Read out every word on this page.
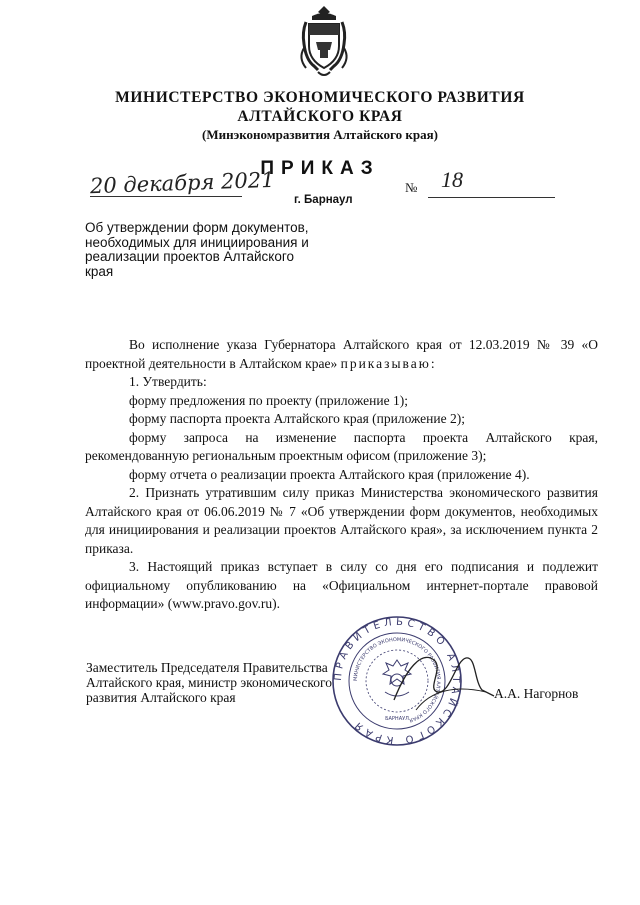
МИНИСТЕРСТВО ЭКОНОМИЧЕСКОГО РАЗВИТИЯ
АЛТАЙСКОГО КРАЯ
(Минэкономразвития Алтайского края)
ПРИКАЗ
20 декабря 2021	№ 18
г. Барнаул
Об утверждении форм документов,
необходимых для инициирования и
реализации проектов Алтайского
края
Во исполнение указа Губернатора Алтайского края от 12.03.2019 № 39 «О проектной деятельности в Алтайском крае» приказываю:
1. Утвердить:
форму предложения по проекту (приложение 1);
форму паспорта проекта Алтайского края (приложение 2);
форму запроса на изменение паспорта проекта Алтайского края, рекомендованную региональным проектным офисом (приложение 3);
форму отчета о реализации проекта Алтайского края (приложение 4).
2. Признать утратившим силу приказ Министерства экономического развития Алтайского края от 06.06.2019 № 7 «Об утверждении форм документов, необходимых для инициирования и реализации проектов Алтайского края», за исключением пункта 2 приказа.
3. Настоящий приказ вступает в силу со дня его подписания и подлежит официальному опубликованию на «Официальном интернет-портале правовой информации» (www.pravo.gov.ru).
Заместитель Председателя Правительства
Алтайского края, министр экономического
развития Алтайского края	А.А. Нагорнов
ПРАВИТЕЛЬСТВО АЛТАЙСКОГО КРАЯ
МИНИСТЕРСТВО ЭКОНОМИЧЕСКОГО РАЗВИТИЯ АЛТАЙСКОГО КРАЯ
БАРНАУЛ
